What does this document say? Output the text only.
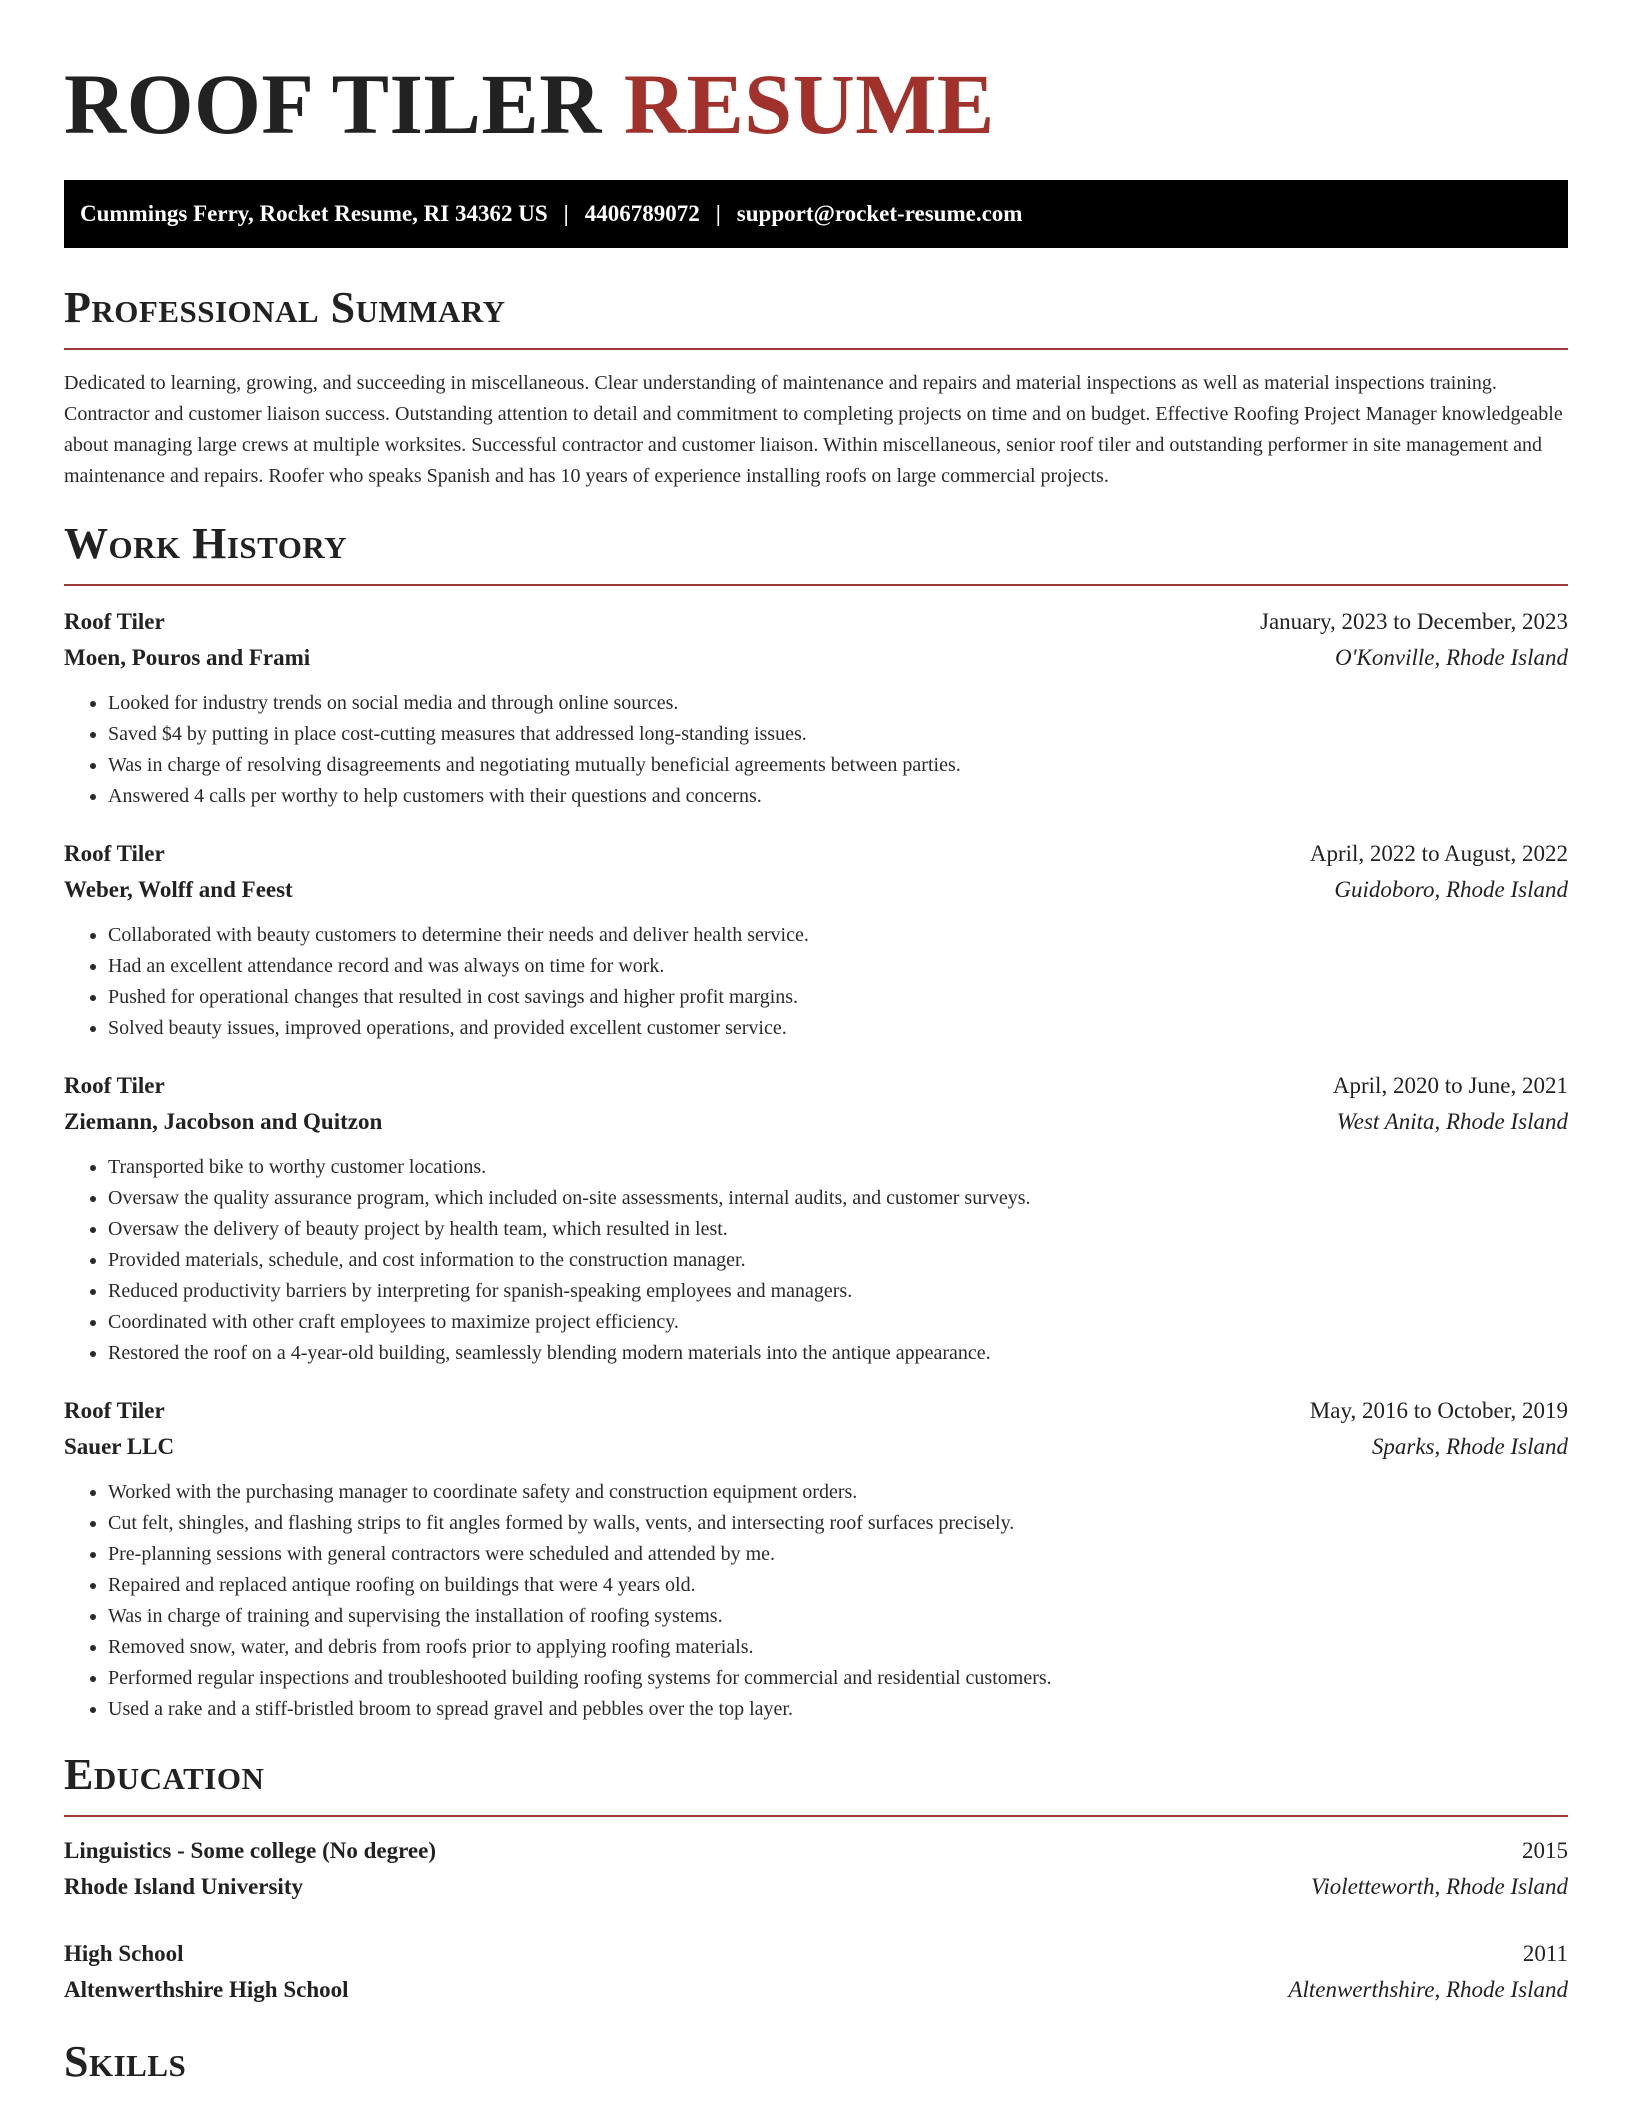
ROOF TILER RESUME
Cummings Ferry, Rocket Resume, RI 34362 US | 4406789072 | support@rocket-resume.com
Professional Summary

Dedicated to learning, growing, and succeeding in miscellaneous. Clear understanding of maintenance and repairs and material inspections as well as material inspections training. Contractor and customer liaison success. Outstanding attention to detail and commitment to completing projects on time and on budget. Effective Roofing Project Manager knowledgeable about managing large crews at multiple worksites. Successful contractor and customer liaison. Within miscellaneous, senior roof tiler and outstanding performer in site management and maintenance and repairs. Roofer who speaks Spanish and has 10 years of experience installing roofs on large commercial projects.

Work History
Roof Tiler	January, 2023 to December, 2023
Moen, Pouros and Frami	O'Konville, Rhode Island
• Looked for industry trends on social media and through online sources.
• Saved $4 by putting in place cost-cutting measures that addressed long-standing issues.
• Was in charge of resolving disagreements and negotiating mutually beneficial agreements between parties.
• Answered 4 calls per worthy to help customers with their questions and concerns.
Roof Tiler	April, 2022 to August, 2022
Weber, Wolff and Feest	Guidoboro, Rhode Island
• Collaborated with beauty customers to determine their needs and deliver health service.
• Had an excellent attendance record and was always on time for work.
• Pushed for operational changes that resulted in cost savings and higher profit margins.
• Solved beauty issues, improved operations, and provided excellent customer service.
Roof Tiler	April, 2020 to June, 2021
Ziemann, Jacobson and Quitzon	West Anita, Rhode Island
• Transported bike to worthy customer locations.
• Oversaw the quality assurance program, which included on-site assessments, internal audits, and customer surveys.
• Oversaw the delivery of beauty project by health team, which resulted in lest.
• Provided materials, schedule, and cost information to the construction manager.
• Reduced productivity barriers by interpreting for spanish-speaking employees and managers.
• Coordinated with other craft employees to maximize project efficiency.
• Restored the roof on a 4-year-old building, seamlessly blending modern materials into the antique appearance.
Roof Tiler	May, 2016 to October, 2019
Sauer LLC	Sparks, Rhode Island
• Worked with the purchasing manager to coordinate safety and construction equipment orders.
• Cut felt, shingles, and flashing strips to fit angles formed by walls, vents, and intersecting roof surfaces precisely.
• Pre-planning sessions with general contractors were scheduled and attended by me.
• Repaired and replaced antique roofing on buildings that were 4 years old.
• Was in charge of training and supervising the installation of roofing systems.
• Removed snow, water, and debris from roofs prior to applying roofing materials.
• Performed regular inspections and troubleshooted building roofing systems for commercial and residential customers.
• Used a rake and a stiff-bristled broom to spread gravel and pebbles over the top layer.
Education
Linguistics - Some college (No degree)	2015
Rhode Island University	Violetteworth, Rhode Island
High School	2011
Altenwerthshire High School	Altenwerthshire, Rhode Island
Skills
